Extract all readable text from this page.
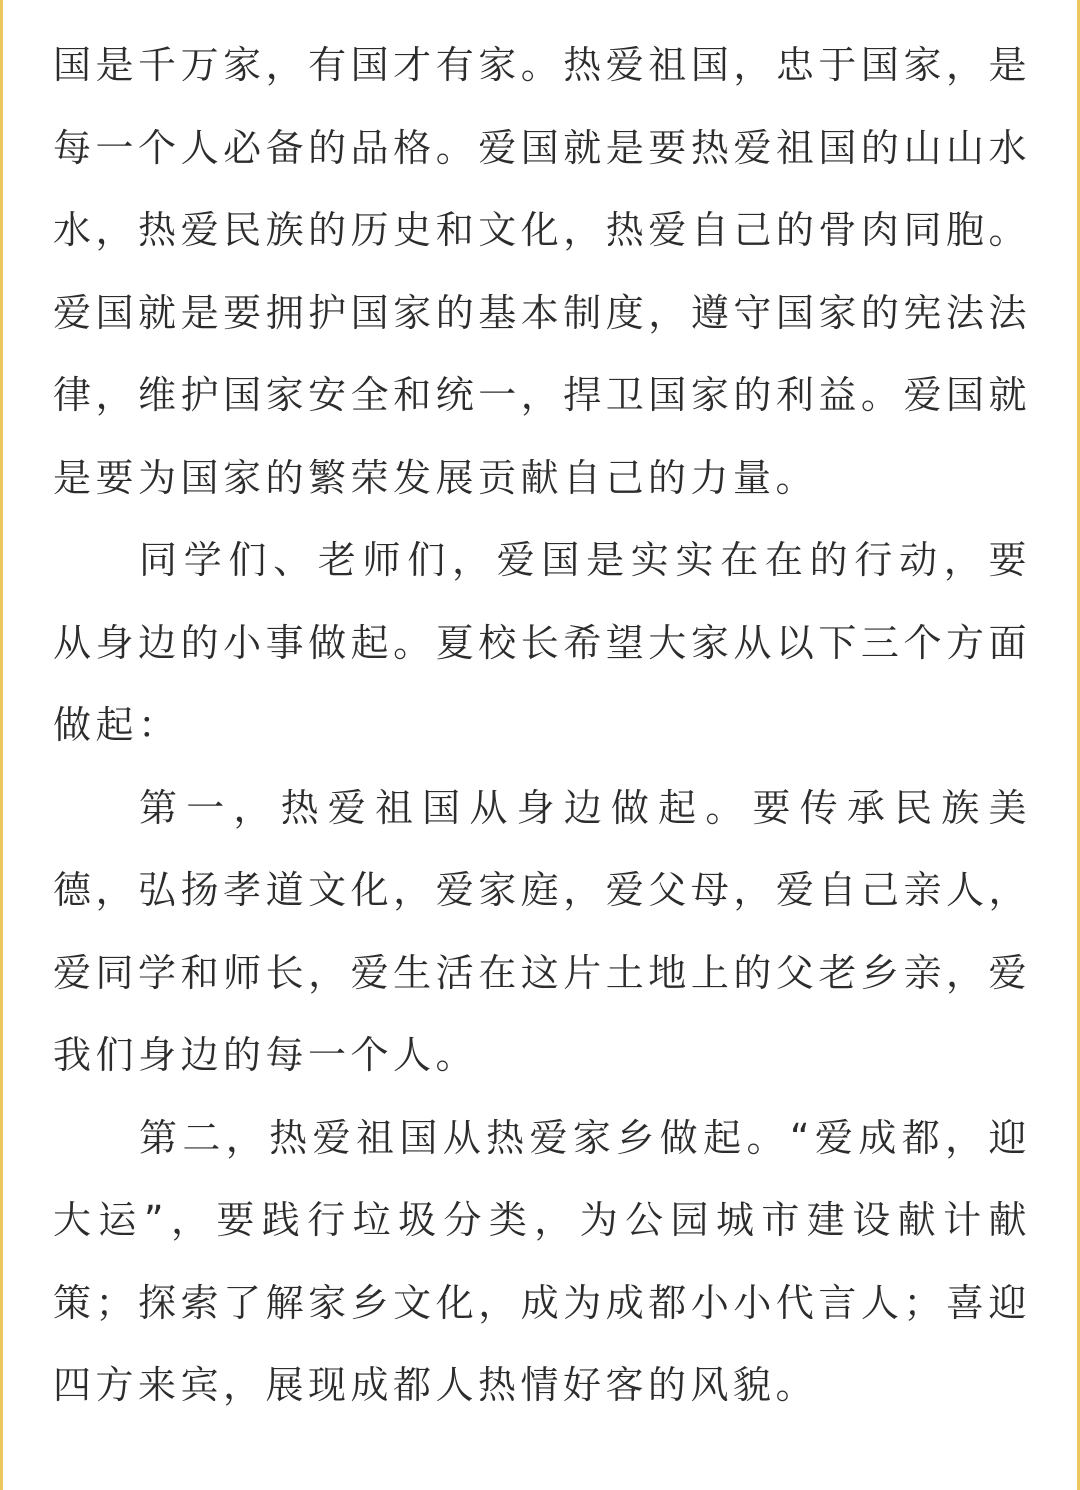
国是千万家，有国才有家。热爱祖国，忠于国家，是每一个人必备的品格。爱国就是要热爱祖国的山山水水，热爱民族的历史和文化，热爱自己的骨肉同胞。爱国就是要拥护国家的基本制度，遵守国家的宪法法律，维护国家安全和统一，捍卫国家的利益。爱国就是要为国家的繁荣发展贡献自己的力量。

同学们、老师们，爱国是实实在在的行动，要从身边的小事做起。夏校长希望大家从以下三个方面做起：

第一，热爱祖国从身边做起。要传承民族美德，弘扬孝道文化，爱家庭，爱父母，爱自己亲人，爱同学和师长，爱生活在这片土地上的父老乡亲，爱我们身边的每一个人。

第二，热爱祖国从热爱家乡做起。“爱成都，迎大运”，要践行垃圾分类，为公园城市建设献计献策；探索了解家乡文化，成为成都小小代言人；喜迎四方来宾，展现成都人热情好客的风貌。
